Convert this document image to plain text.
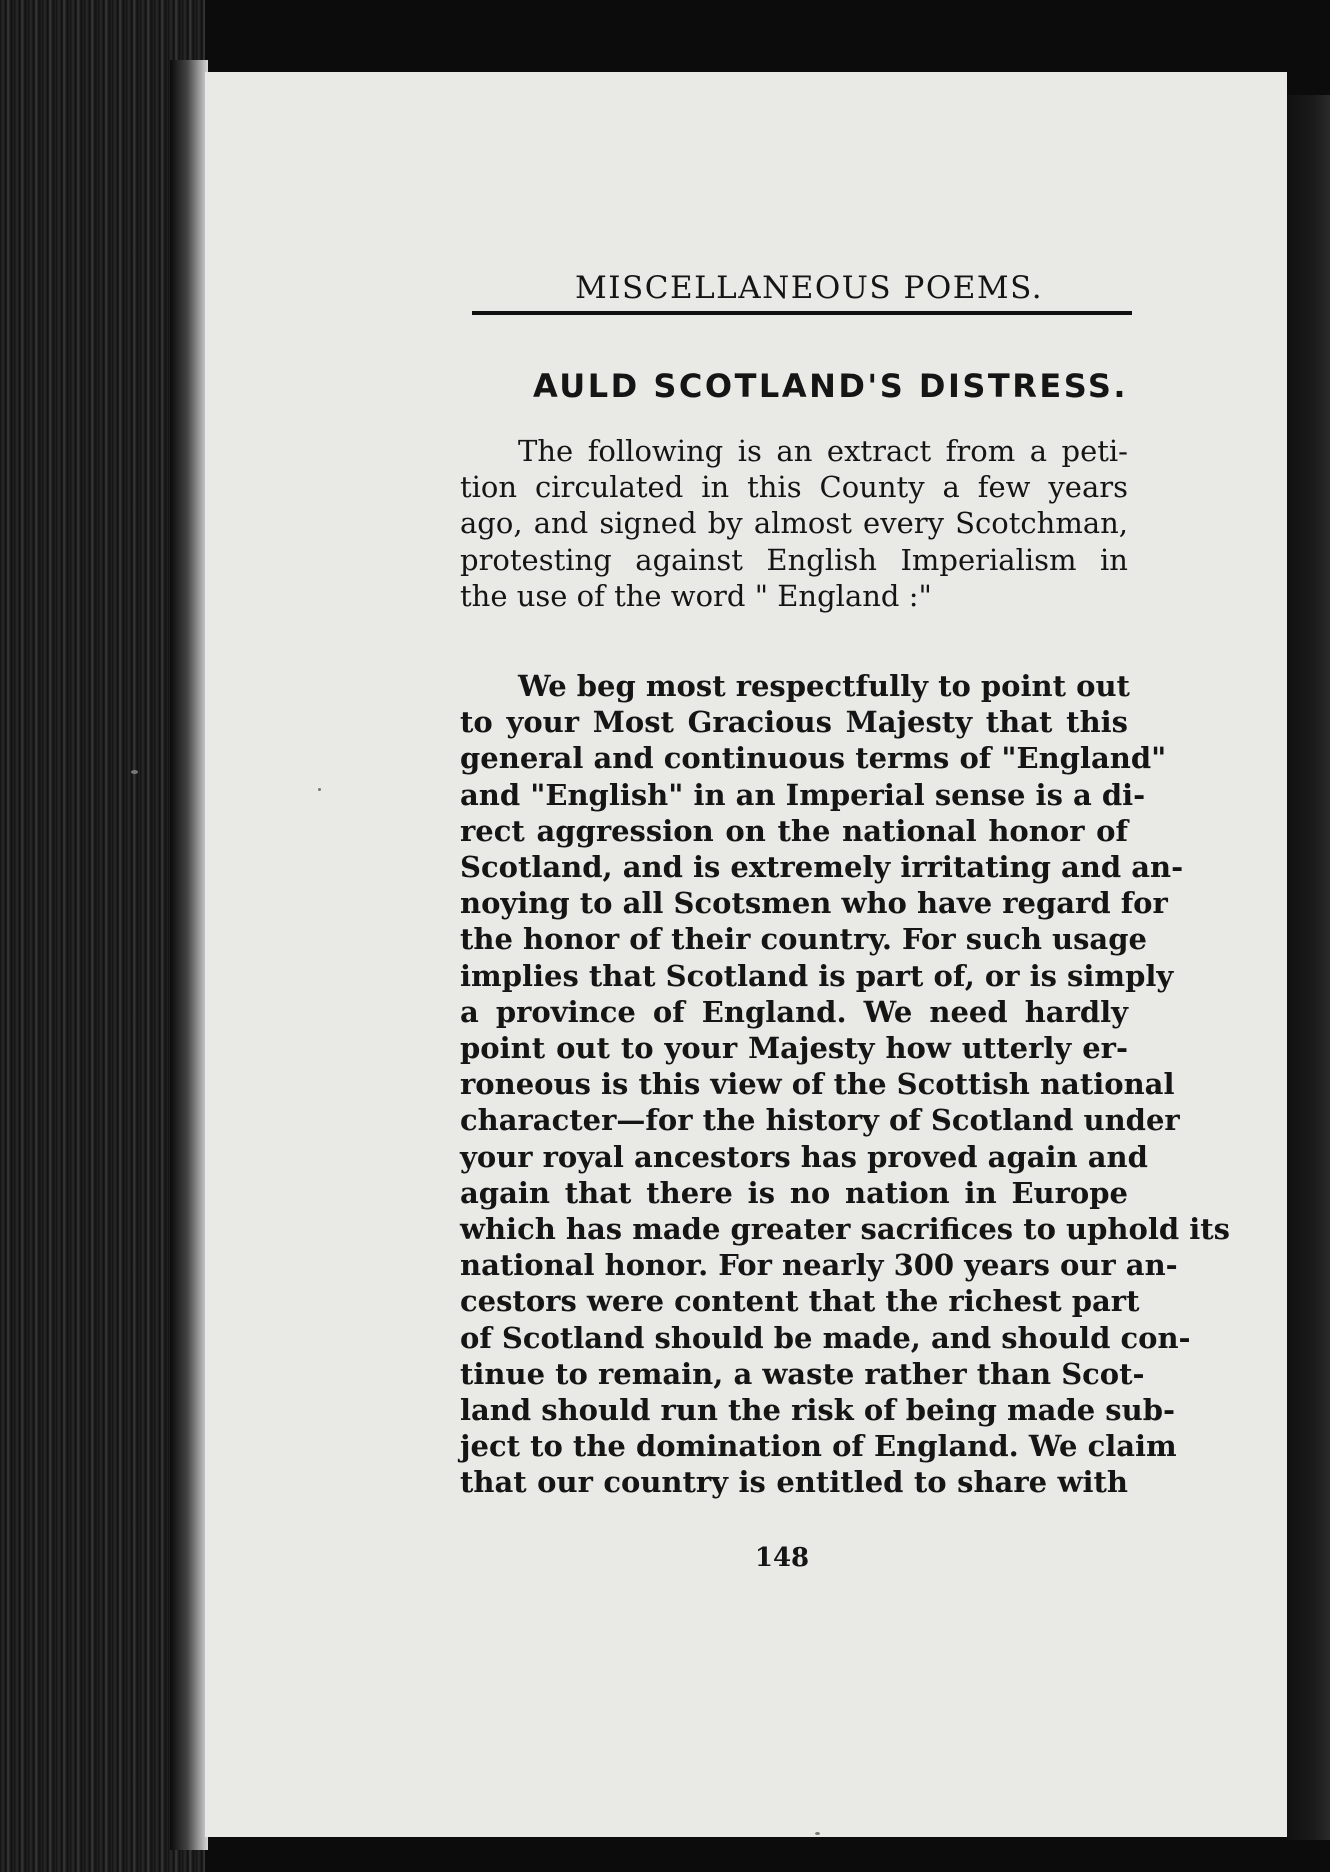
MISCELLANEOUS POEMS.
AULD SCOTLAND'S DISTRESS.
The following is an extract from a peti-
tion circulated in this County a few years
ago, and signed by almost every Scotchman,
protesting against English Imperialism in
the use of the word " England :"
We beg most respectfully to point out
to your Most Gracious Majesty that this
general and continuous terms of "England"
and "English" in an Imperial sense is a di-
rect aggression on the national honor of
Scotland, and is extremely irritating and an-
noying to all Scotsmen who have regard for
the honor of their country. For such usage
implies that Scotland is part of, or is simply
a province of England. We need hardly
point out to your Majesty how utterly er-
roneous is this view of the Scottish national
character—for the history of Scotland under
your royal ancestors has proved again and
again that there is no nation in Europe
which has made greater sacrifices to uphold its
national honor. For nearly 300 years our an-
cestors were content that the richest part
of Scotland should be made, and should con-
tinue to remain, a waste rather than Scot-
land should run the risk of being made sub-
ject to the domination of England. We claim
that our country is entitled to share with
148
